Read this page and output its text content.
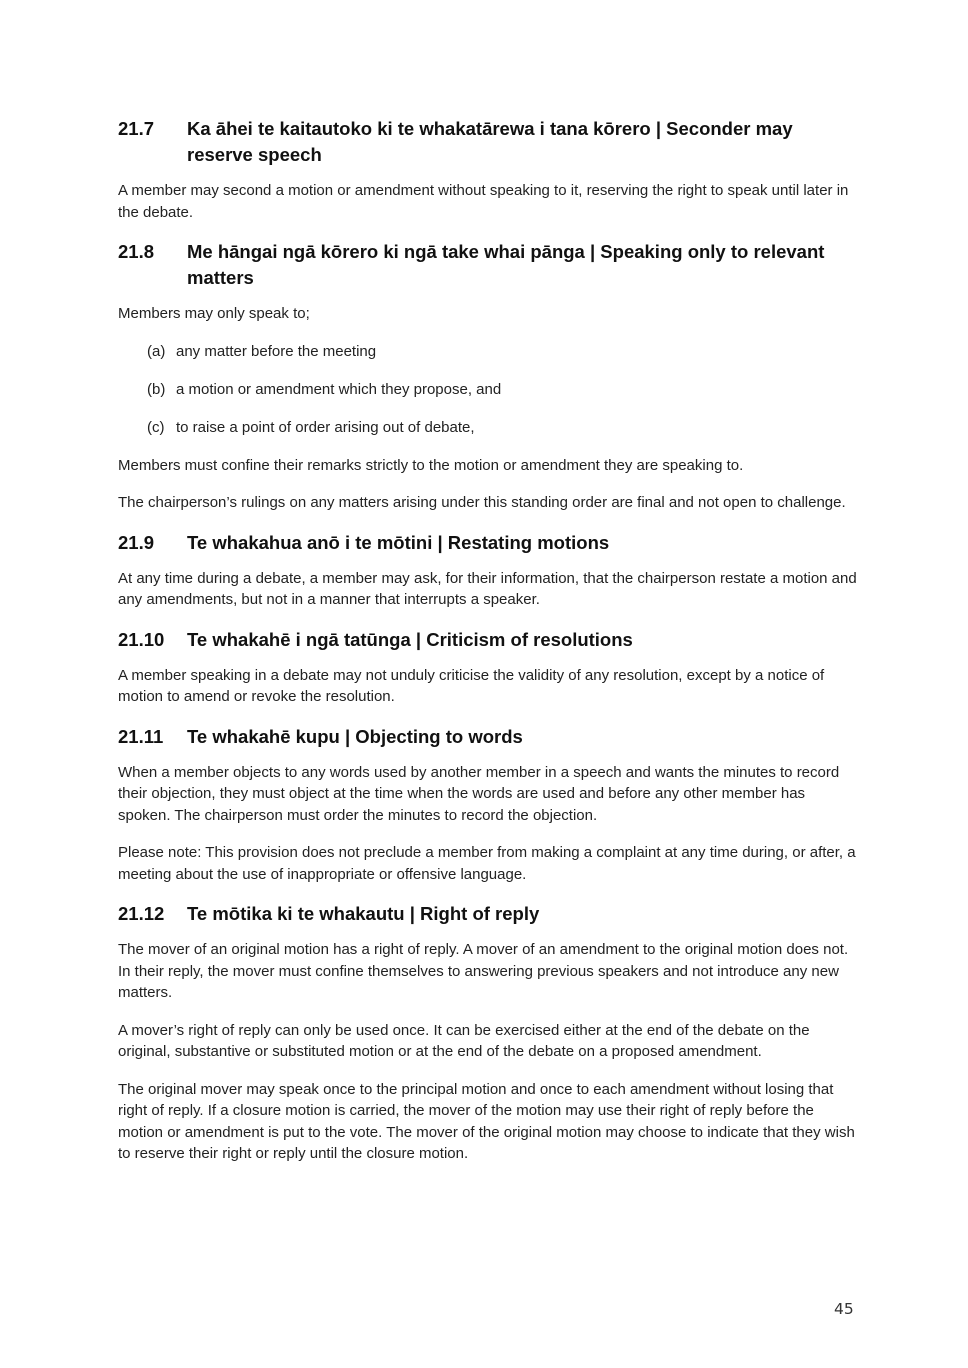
21.7	Ka āhei te kaitautoko ki te whakatārewa i tana kōrero | Seconder may reserve speech

A member may second a motion or amendment without speaking to it, reserving the right to speak until later in the debate.

21.8	Me hāngai ngā kōrero ki ngā take whai pānga | Speaking only to relevant matters

Members may only speak to;

(a) any matter before the meeting
(b) a motion or amendment which they propose, and
(c) to raise a point of order arising out of debate,

Members must confine their remarks strictly to the motion or amendment they are speaking to.

The chairperson’s rulings on any matters arising under this standing order are final and not open to challenge.

21.9	Te whakahua anō i te mōtini | Restating motions

At any time during a debate, a member may ask, for their information, that the chairperson restate a motion and any amendments, but not in a manner that interrupts a speaker.

21.10	Te whakahē i ngā tatūnga | Criticism of resolutions

A member speaking in a debate may not unduly criticise the validity of any resolution, except by a notice of motion to amend or revoke the resolution.

21.11	Te whakahē kupu | Objecting to words

When a member objects to any words used by another member in a speech and wants the minutes to record their objection, they must object at the time when the words are used and before any other member has spoken. The chairperson must order the minutes to record the objection.

Please note: This provision does not preclude a member from making a complaint at any time during, or after, a meeting about the use of inappropriate or offensive language.

21.12	Te mōtika ki te whakautu | Right of reply

The mover of an original motion has a right of reply. A mover of an amendment to the original motion does not. In their reply, the mover must confine themselves to answering previous speakers and not introduce any new matters.

A mover’s right of reply can only be used once. It can be exercised either at the end of the debate on the original, substantive or substituted motion or at the end of the debate on a proposed amendment.

The original mover may speak once to the principal motion and once to each amendment without losing that right of reply. If a closure motion is carried, the mover of the motion may use their right of reply before the motion or amendment is put to the vote. The mover of the original motion may choose to indicate that they wish to reserve their right or reply until the closure motion.

45
